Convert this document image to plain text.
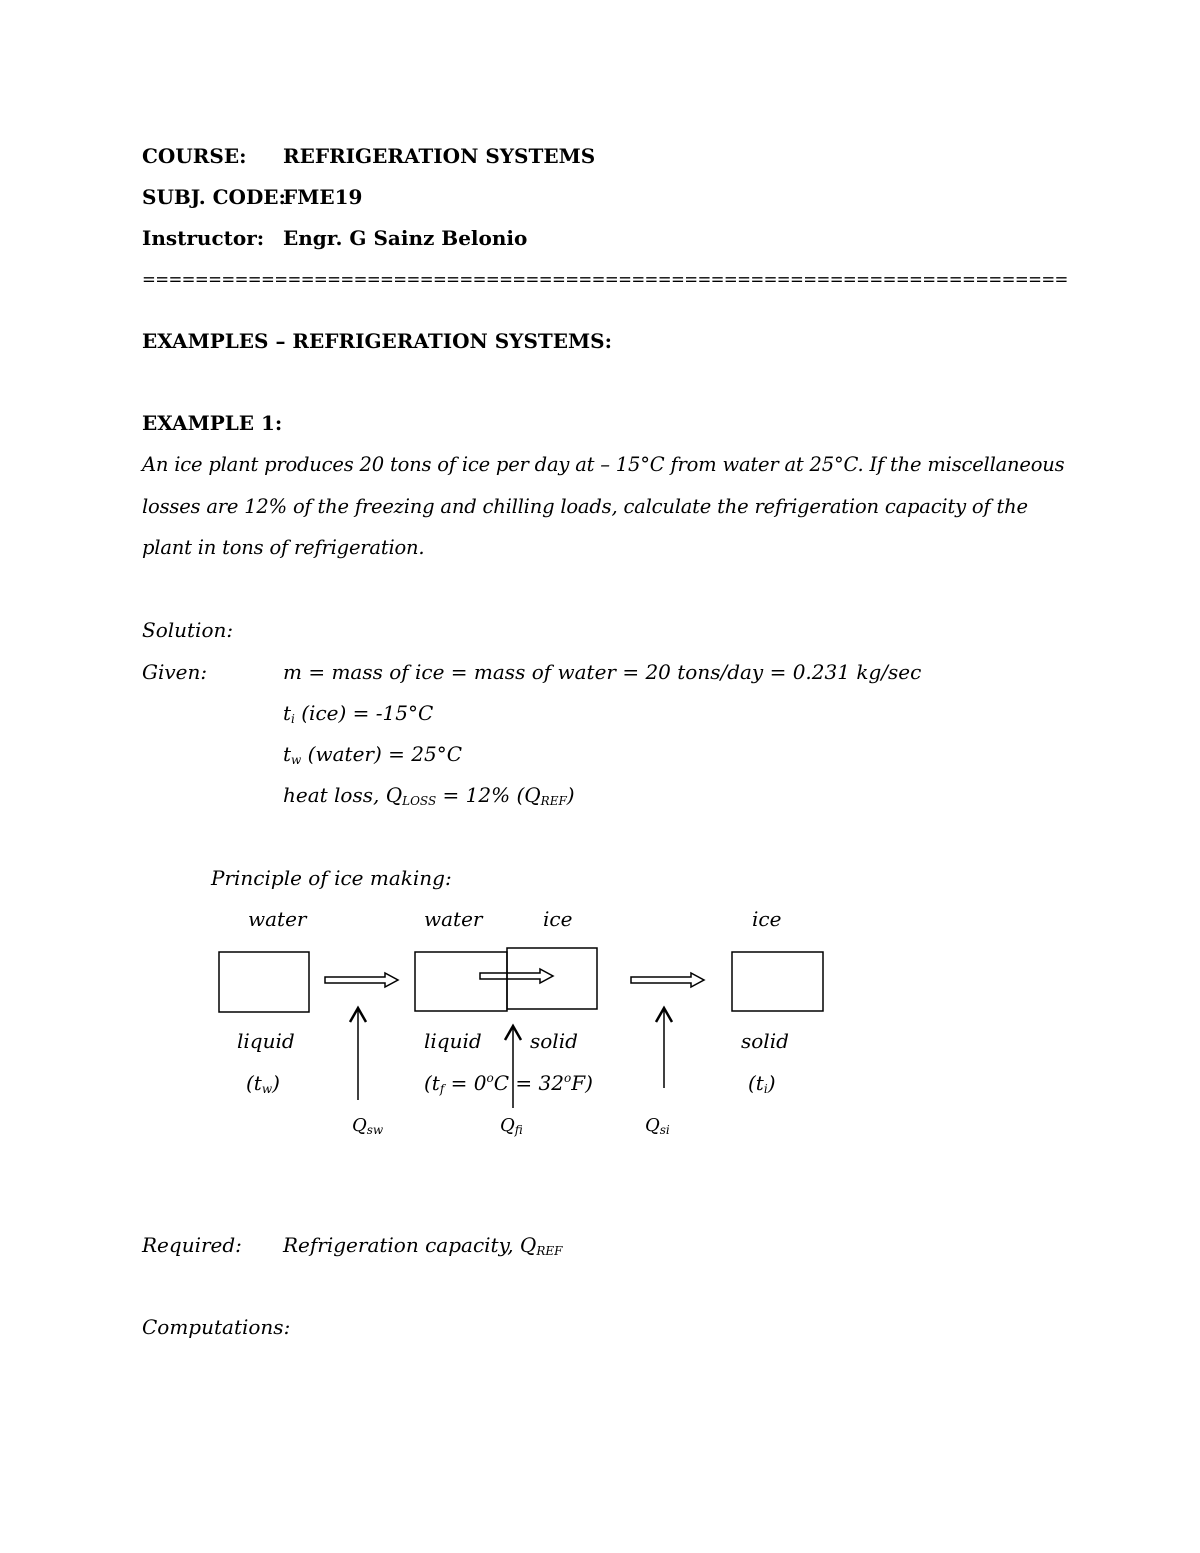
COURSE: REFRIGERATION SYSTEMS
SUBJ. CODE:
FME19
Instructor: Engr. G Sainz Belonio
======================================================================
EXAMPLES – REFRIGERATION SYSTEMS:
EXAMPLE 1:
An ice plant produces 20 tons of ice per day at – 15°C from water at 25°C. If the miscellaneous
losses are 12% of the freezing and chilling loads, calculate the refrigeration capacity of the
plant in tons of refrigeration.
Solution:
Given:	m = mass of ice = mass of water = 20 tons/day = 0.231 kg/sec
$t_i$ (ice) = -15°C
$t_w$ (water) = 25°C
heat loss, $Q_{LOSS} = 12\%$ $(Q_{REF})$
Principle of ice making:
water	water	ice	ice
liquid	liquid solid	solid
$(t_w)$	$(t_f = 0^oC = 32^oF)$	$(t_i)$
$Q_{sw}$	$Q_{fi}$	$Q_{si}$
Required: Refrigeration capacity, $Q_{REF}$
Computations:
